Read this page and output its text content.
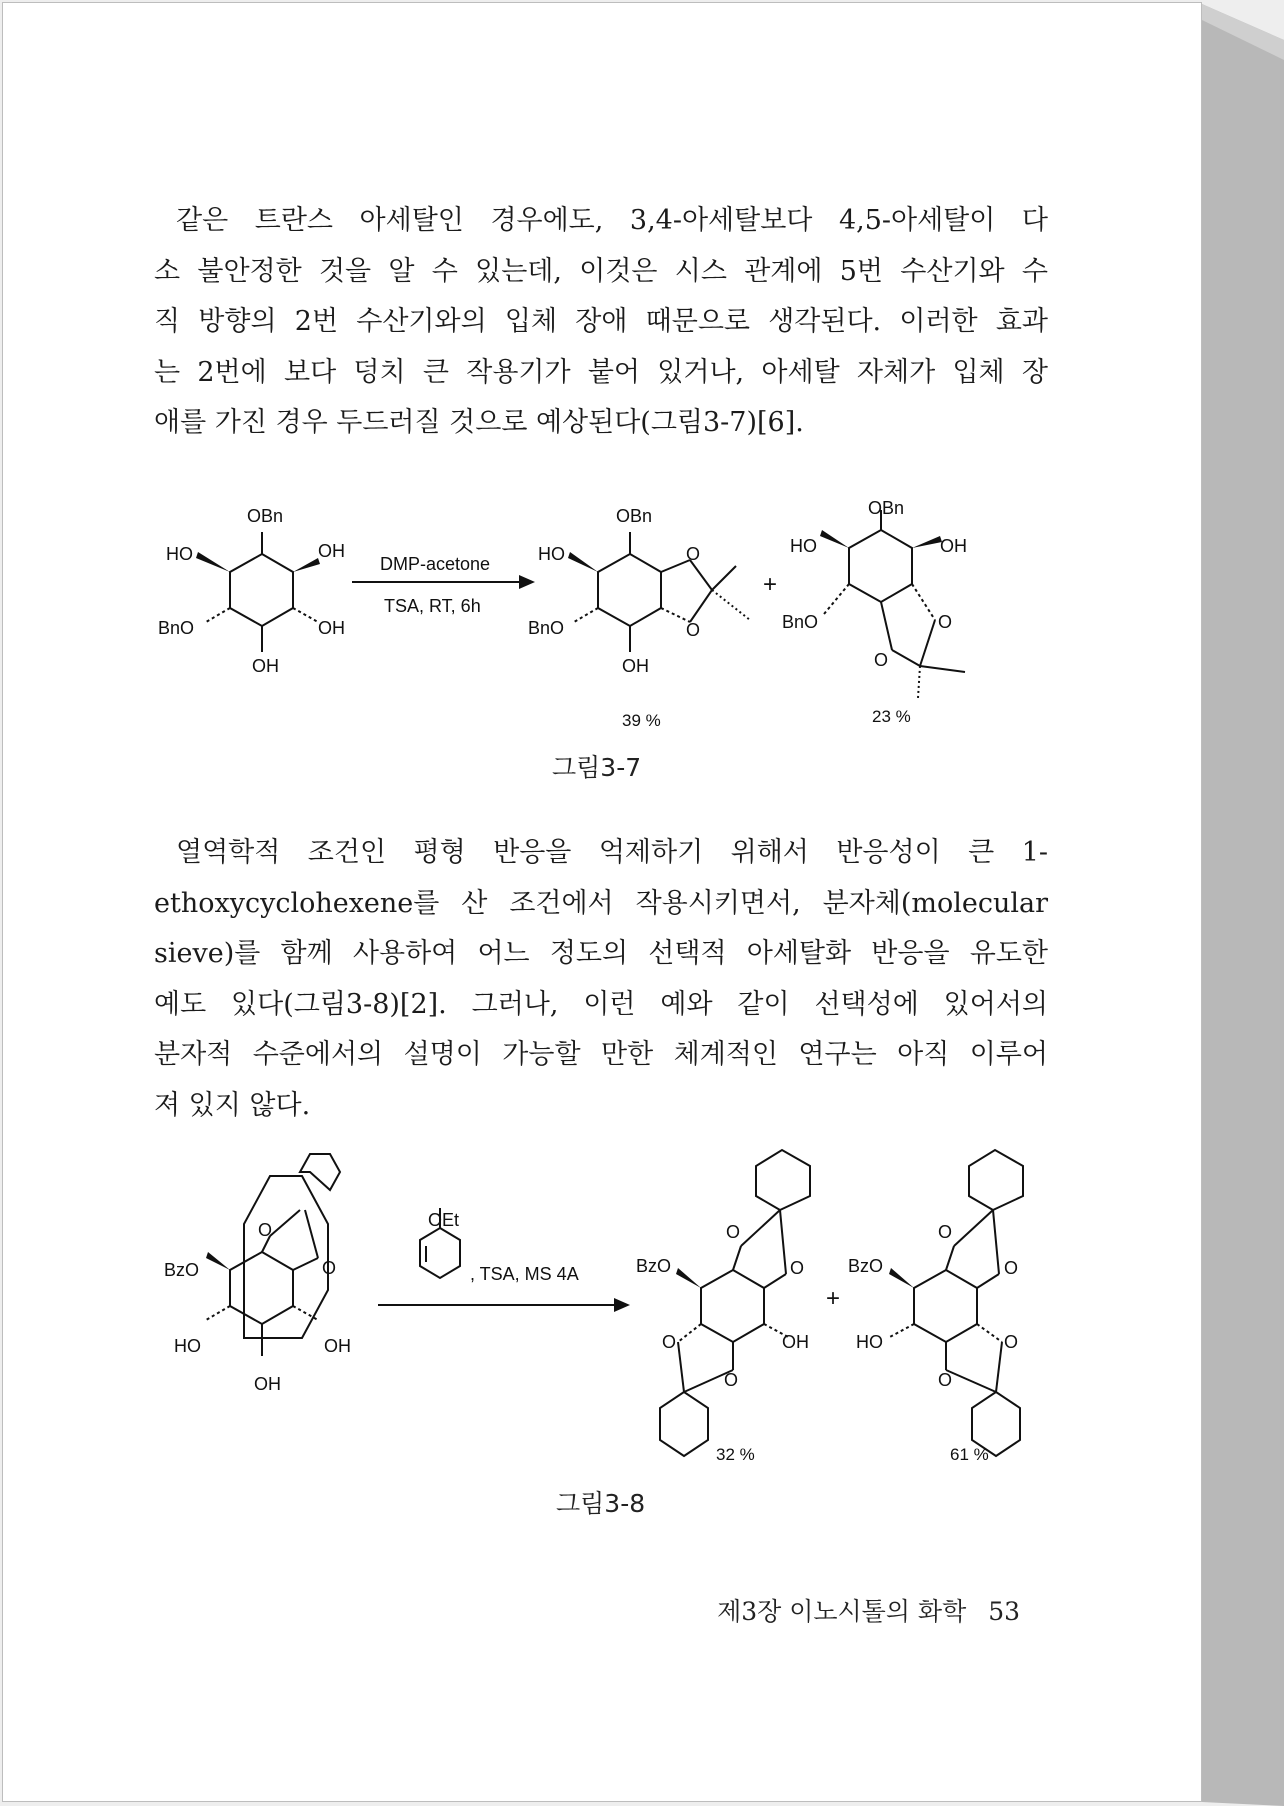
같은 트란스 아세탈인 경우에도, 3,4-아세탈보다 4,5-아세탈이 다
소 불안정한 것을 알 수 있는데, 이것은 시스 관계에 5번 수산기와 수
직 방향의 2번 수산기와의 입체 장애 때문으로 생각된다. 이러한 효과
는 2번에 보다 덩치 큰 작용기가 붙어 있거나, 아세탈 자체가 입체 장
애를 가진 경우 두드러질 것으로 예상된다(그림3-7)[6].

OBn
HO	OH
BnO	OH
OH
DMP-acetone
TSA, RT, 6h
OBn
HO
BnO
OH
O
O
39 %
+
OBn
HO	OH
BnO	O
O
23 %
그림3-7

열역학적 조건인 평형 반응을 억제하기 위해서 반응성이 큰 1-
ethoxycyclohexene를 산 조건에서 작용시키면서, 분자체(molecular
sieve)를 함께 사용하여 어느 정도의 선택적 아세탈화 반응을 유도한
예도 있다(그림3-8)[2]. 그러나, 이런 예와 같이 선택성에 있어서의
분자적 수준에서의 설명이 가능할 만한 체계적인 연구는 아직 이루어
져 있지 않다.

BzO
O
O
HO	OH
OH
OEt
, TSA, MS 4A	BzO
O
O
O
O
OH
32 %
+
BzO
O
O
O
O
HO
61 %
그림3-8
제3장 이노시톨의 화학 53
